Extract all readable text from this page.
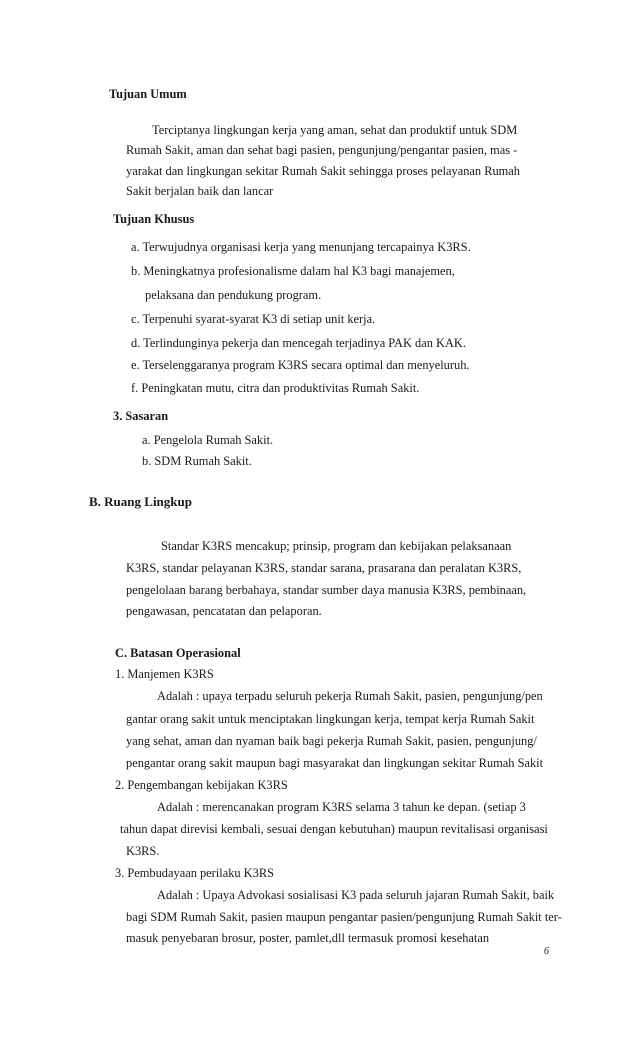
Tujuan Umum
Terciptanya lingkungan kerja yang aman, sehat dan produktif untuk SDM
Rumah Sakit, aman dan sehat bagi pasien, pengunjung/pengantar pasien, mas -
yarakat dan lingkungan sekitar Rumah Sakit sehingga proses pelayanan Rumah
Sakit berjalan baik dan lancar
Tujuan Khusus
a. Terwujudnya organisasi kerja yang menunjang tercapainya K3RS.
b. Meningkatnya profesionalisme dalam hal K3 bagi manajemen,
pelaksana dan pendukung program.
c. Terpenuhi syarat-syarat K3 di setiap unit kerja.
d. Terlindunginya pekerja dan mencegah terjadinya PAK dan KAK.
e. Terselenggaranya program K3RS secara optimal dan menyeluruh.
f. Peningkatan mutu, citra dan produktivitas Rumah Sakit.
3. Sasaran
a. Pengelola Rumah Sakit.
b. SDM Rumah Sakit.
B. Ruang Lingkup
Standar K3RS mencakup; prinsip, program dan kebijakan pelaksanaan
K3RS, standar pelayanan K3RS, standar sarana, prasarana dan peralatan K3RS,
pengelolaan barang berbahaya, standar sumber daya manusia K3RS, pembinaan,
pengawasan, pencatatan dan pelaporan.
C. Batasan Operasional
1. Manjemen K3RS
Adalah : upaya terpadu seluruh pekerja Rumah Sakit, pasien, pengunjung/pen
gantar orang sakit untuk menciptakan lingkungan kerja, tempat kerja Rumah Sakit
yang sehat, aman dan nyaman baik bagi pekerja Rumah Sakit, pasien, pengunjung/
pengantar orang sakit maupun bagi masyarakat dan lingkungan sekitar Rumah Sakit
2. Pengembangan kebijakan K3RS
Adalah : merencanakan program K3RS selama 3 tahun ke depan. (setiap 3
tahun dapat direvisi kembali, sesuai dengan kebutuhan) maupun revitalisasi organisasi
K3RS.
3. Pembudayaan perilaku K3RS
Adalah : Upaya Advokasi sosialisasi K3 pada seluruh jajaran Rumah Sakit, baik
bagi SDM Rumah Sakit, pasien maupun pengantar pasien/pengunjung Rumah Sakit ter-
masuk penyebaran brosur, poster, pamlet,dll termasuk promosi kesehatan
6
